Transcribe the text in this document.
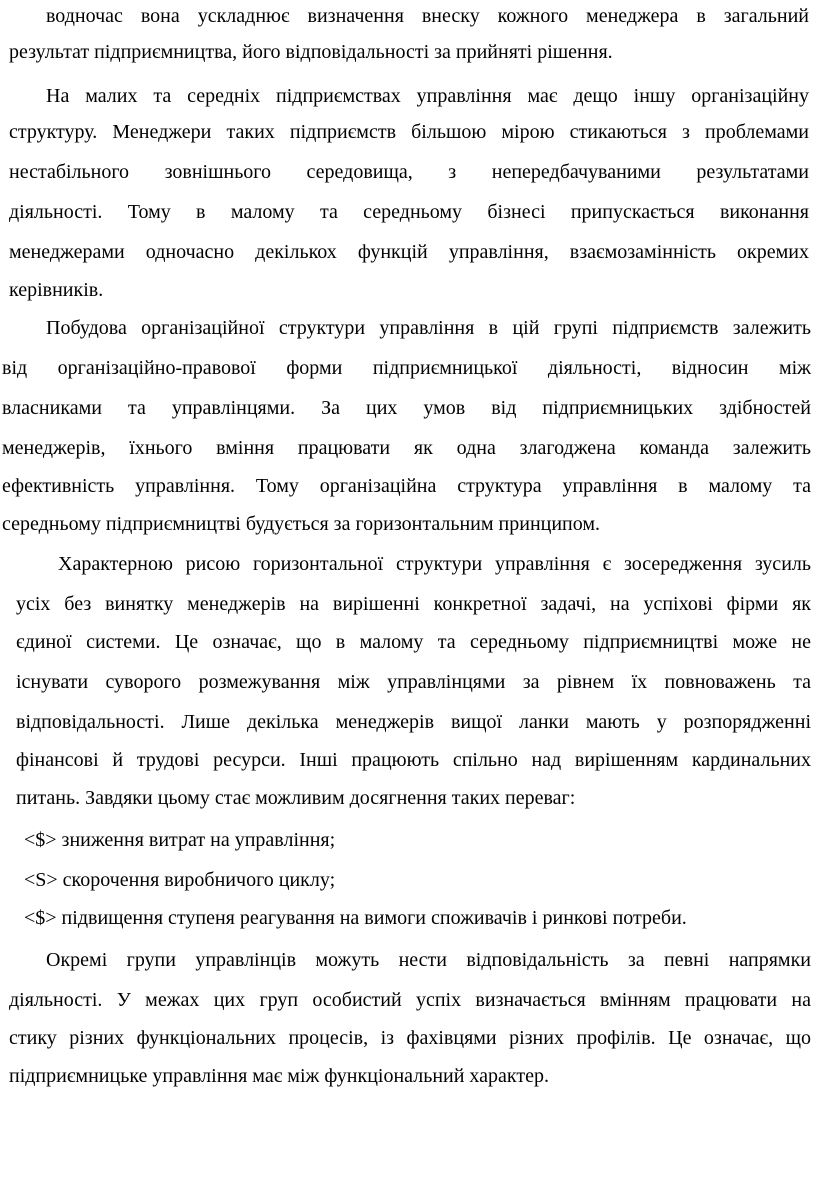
водночас вона ускладнює визначення внеску кожного менеджера в загальний
результат підприємництва, його відповідальності за прийняті рішення.
На малих та середніх підприємствах управління має дещо іншу організаційну
структуру. Менеджери таких підприємств більшою мірою стикаються з проблемами
нестабільного зовнішнього середовища, з непередбачуваними результатами
діяльності. Тому в малому та середньому бізнесі припускається виконання
менеджерами одночасно декількох функцій управління, взаємозамінність окремих
керівників.
Побудова організаційної структури управління в цій групі підприємств залежить
від організаційно-правової форми підприємницької діяльності, відносин між
власниками та управлінцями. За цих умов від підприємницьких здібностей
менеджерів, їхнього вміння працювати як одна злагоджена команда залежить
ефективність управління. Тому організаційна структура управління в малому та
середньому підприємництві будується за горизонтальним принципом.
Характерною рисою горизонтальної структури управління є зосередження зусиль
усіх без винятку менеджерів на вирішенні конкретної задачі, на успіхові фірми як
єдиної системи. Це означає, що в малому та середньому підприємництві може не
існувати суворого розмежування між управлінцями за рівнем їх повноважень та
відповідальності. Лише декілька менеджерів вищої ланки мають у розпорядженні
фінансові й трудові ресурси. Інші працюють спільно над вирішенням кардинальних
питань. Завдяки цьому стає можливим досягнення таких переваг:
<$> зниження витрат на управління;
<S> скорочення виробничого циклу;
<$> підвищення ступеня реагування на вимоги споживачів і ринкові потреби.
Окремі групи управлінців можуть нести відповідальність за певні напрямки
діяльності. У межах цих груп особистий успіх визначається вмінням працювати на
стику різних функціональних процесів, із фахівцями різних профілів. Це означає, що
підприємницьке управління має між функціональний характер.
